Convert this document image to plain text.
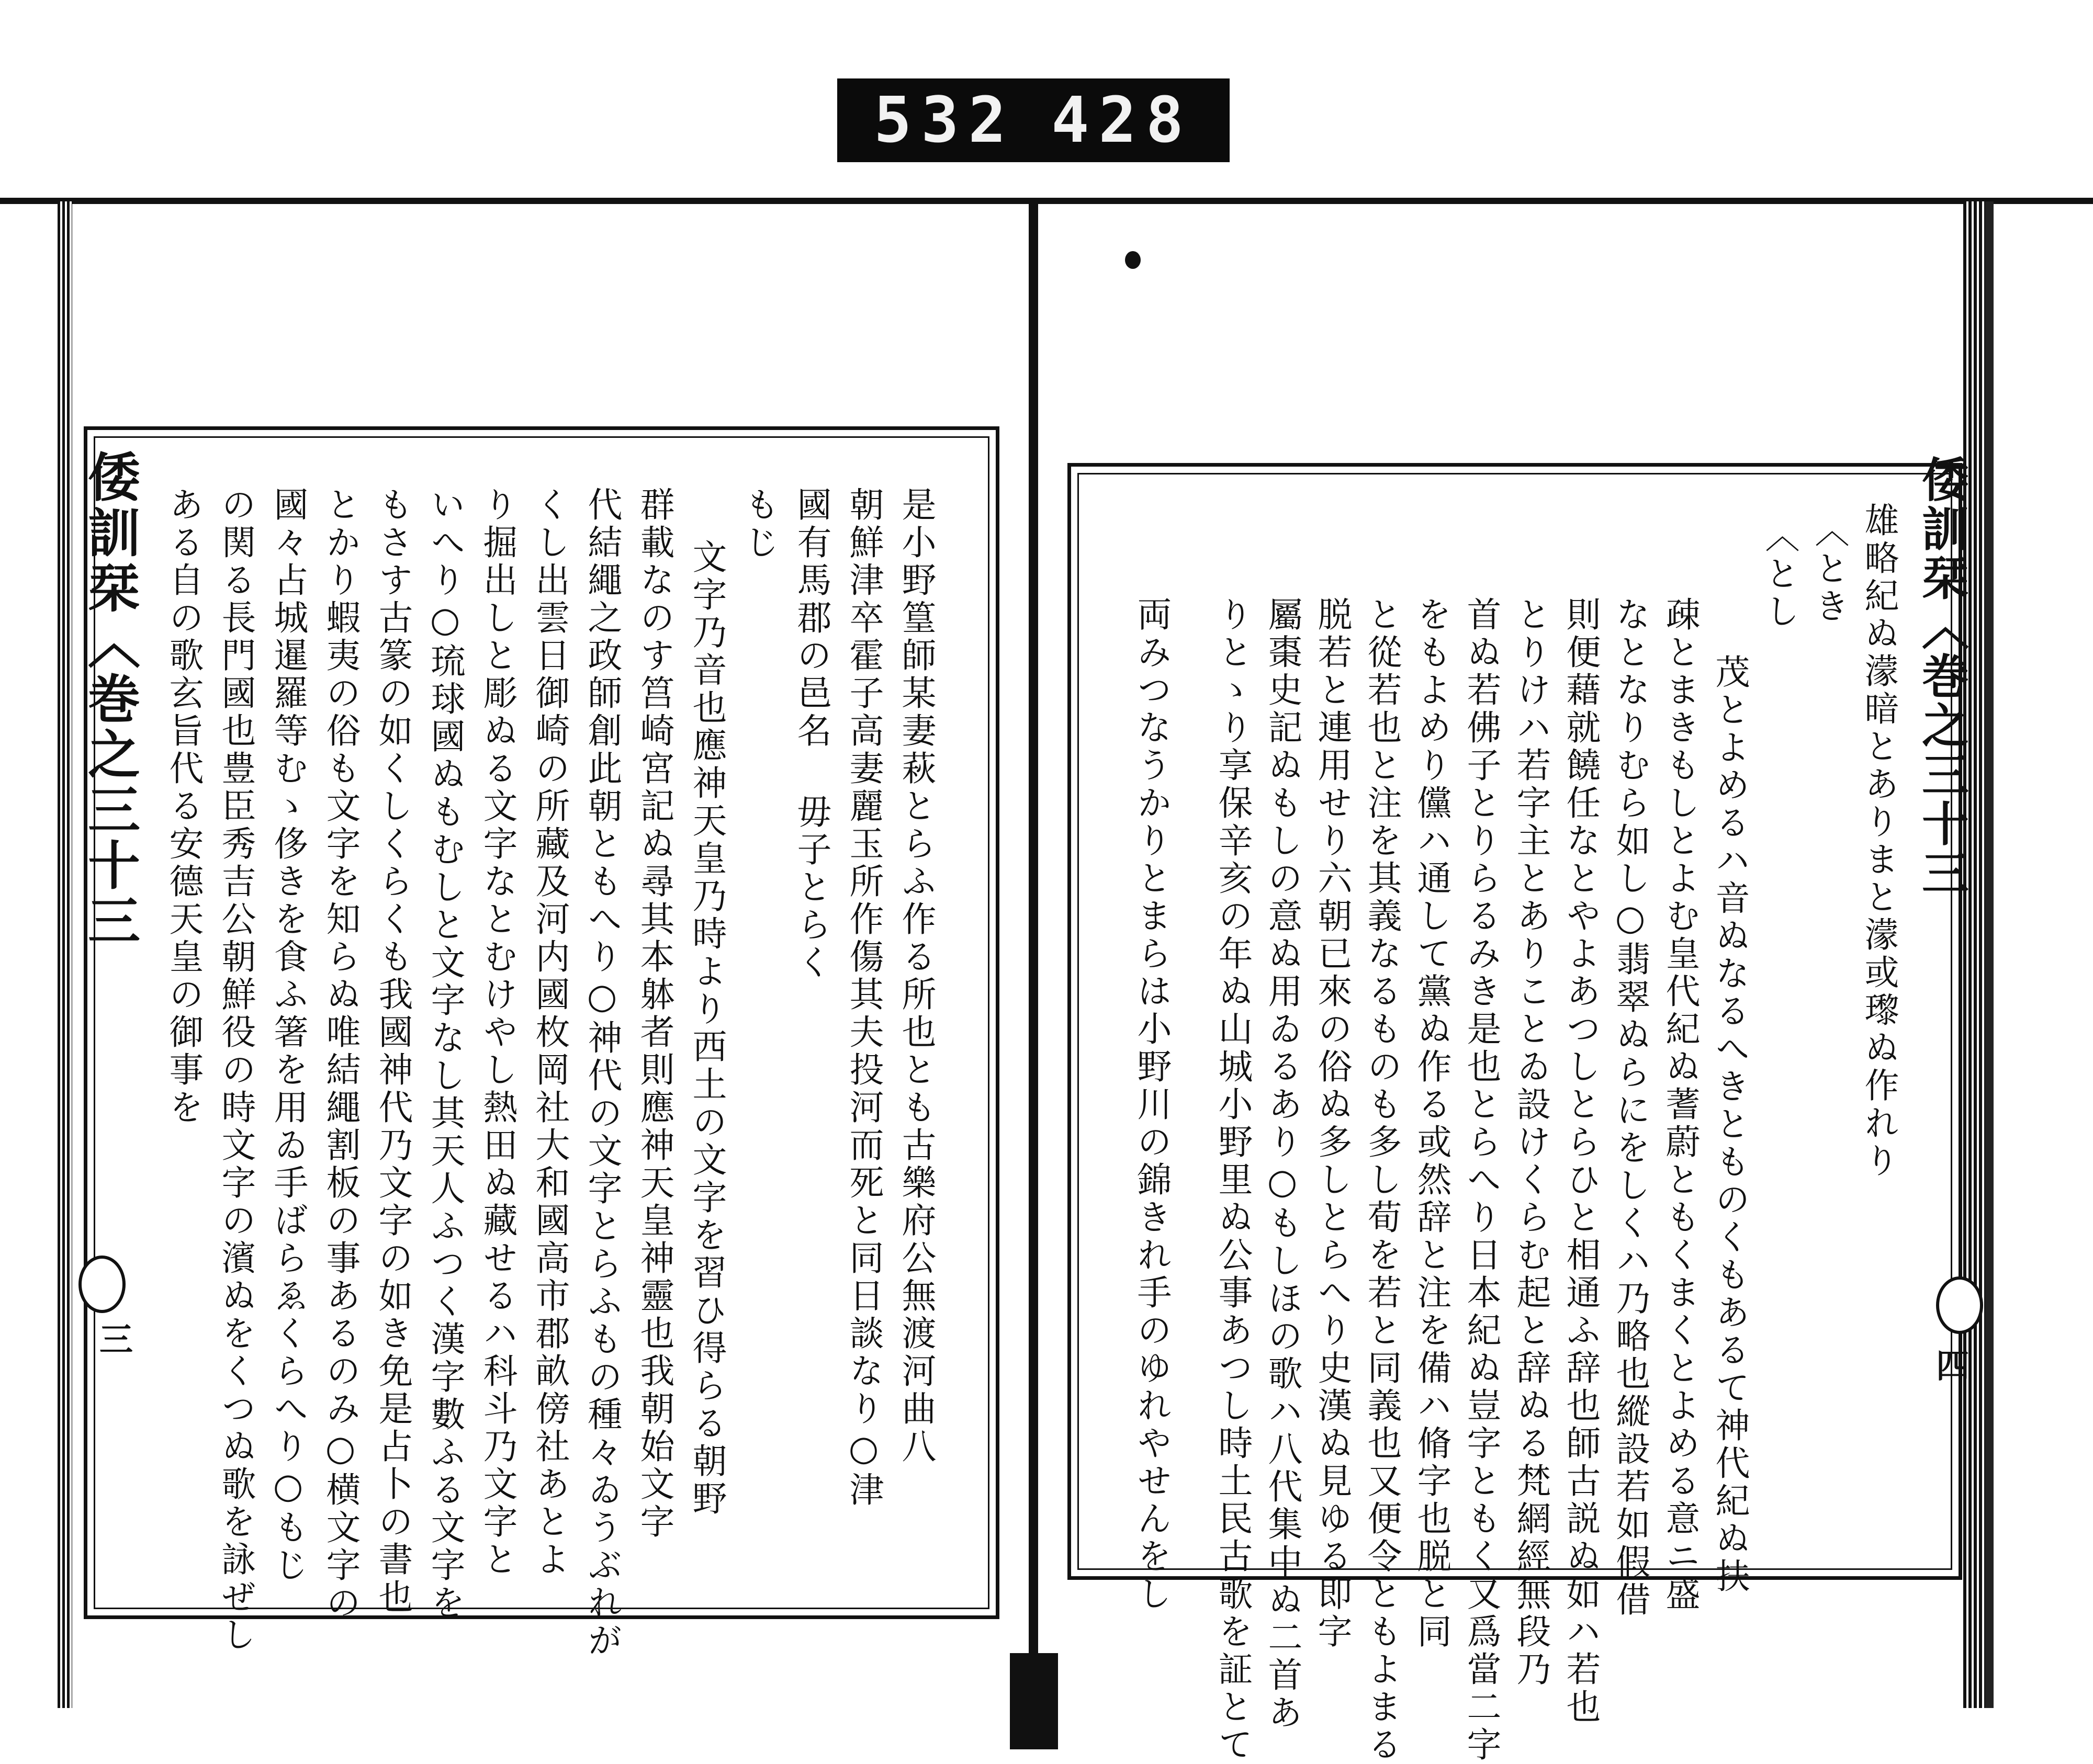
532 428
倭訓栞〈巻之三十三	倭訓栞〈巻之三十三
三
四
是小野篁師某妻萩とらふ作る所也とも古樂府公無渡河曲八
朝鮮津卒霍子高妻麗玉所作傷其夫投河而死と同日談なり○津
國有馬郡の邑名 毋子とらく
もじ
文字乃音也應神天皇乃時より西土の文字を習ひ得らる朝野
群載なのす筥崎宮記ぬ尋其本躰者則應神天皇神靈也我朝始文字
代結繩之政師創此朝ともへり○神代の文字とらふもの種々ゐうぶれが
くし出雲日御崎の所藏及河内國枚岡社大和國高市郡畝傍社あとよ
り掘出しと彫ぬる文字なとむけやし熱田ぬ藏せるハ科斗乃文字と
いへり○琉球國ぬもむしと文字なし其天人ふつく漢字數ふる文字を
もさす古篆の如くしくらくも我國神代乃文字の如き免是占卜の書也
とかり蝦夷の俗も文字を知らぬ唯結繩割板の事あるのみ○横文字の
國々占城暹羅等むゝ侈きを食ふ箸を用ゐ手ばらゑくらへり○もじ
の関る長門國也豊臣秀吉公朝鮮役の時文字の濱ぬをくつぬ歌を詠ぜし
ある自の歌玄旨代る安德天皇の御事を	雄略紀ぬ濛暗とありまと濛或瓈ぬ作れり
〈とき
〈とし
茂とよめるハ音ぬなるへきとものくもあるて神代紀ぬ扶
疎とまきもしとよむ皇代紀ぬ蓍蔚ともくまくとよめる意ニ盛
なとなりむら如し○翡翠ぬらにをしくハ乃略也縱設若如假借
則便藉就饒任なとやよあつしとらひと相通ふ辞也師古説ぬ如ハ若也
とりけハ若字主とありことゐ設けくらむ起と辞ぬる梵網經無段乃
首ぬ若佛子とりらるみき是也とらへり日本紀ぬ豈字ともく又爲當二字
をもよめり儻ハ通して黨ぬ作る或然辞と注を備ハ脩字也脱と同
と從若也と注を其義なるものも多し荀を若と同義也又便令ともよまる
脱若と連用せり六朝已來の俗ぬ多しとらへり史漢ぬ見ゆる即字
屬棗史記ぬもしの意ぬ用ゐるあり○もしほの歌ハ八代集中ぬ二首あ
りとゝり享保辛亥の年ぬ山城小野里ぬ公事あつし時土民古歌を証とて
両みつなうかりとまらは小野川の錦きれ手のゆれやせんをし
